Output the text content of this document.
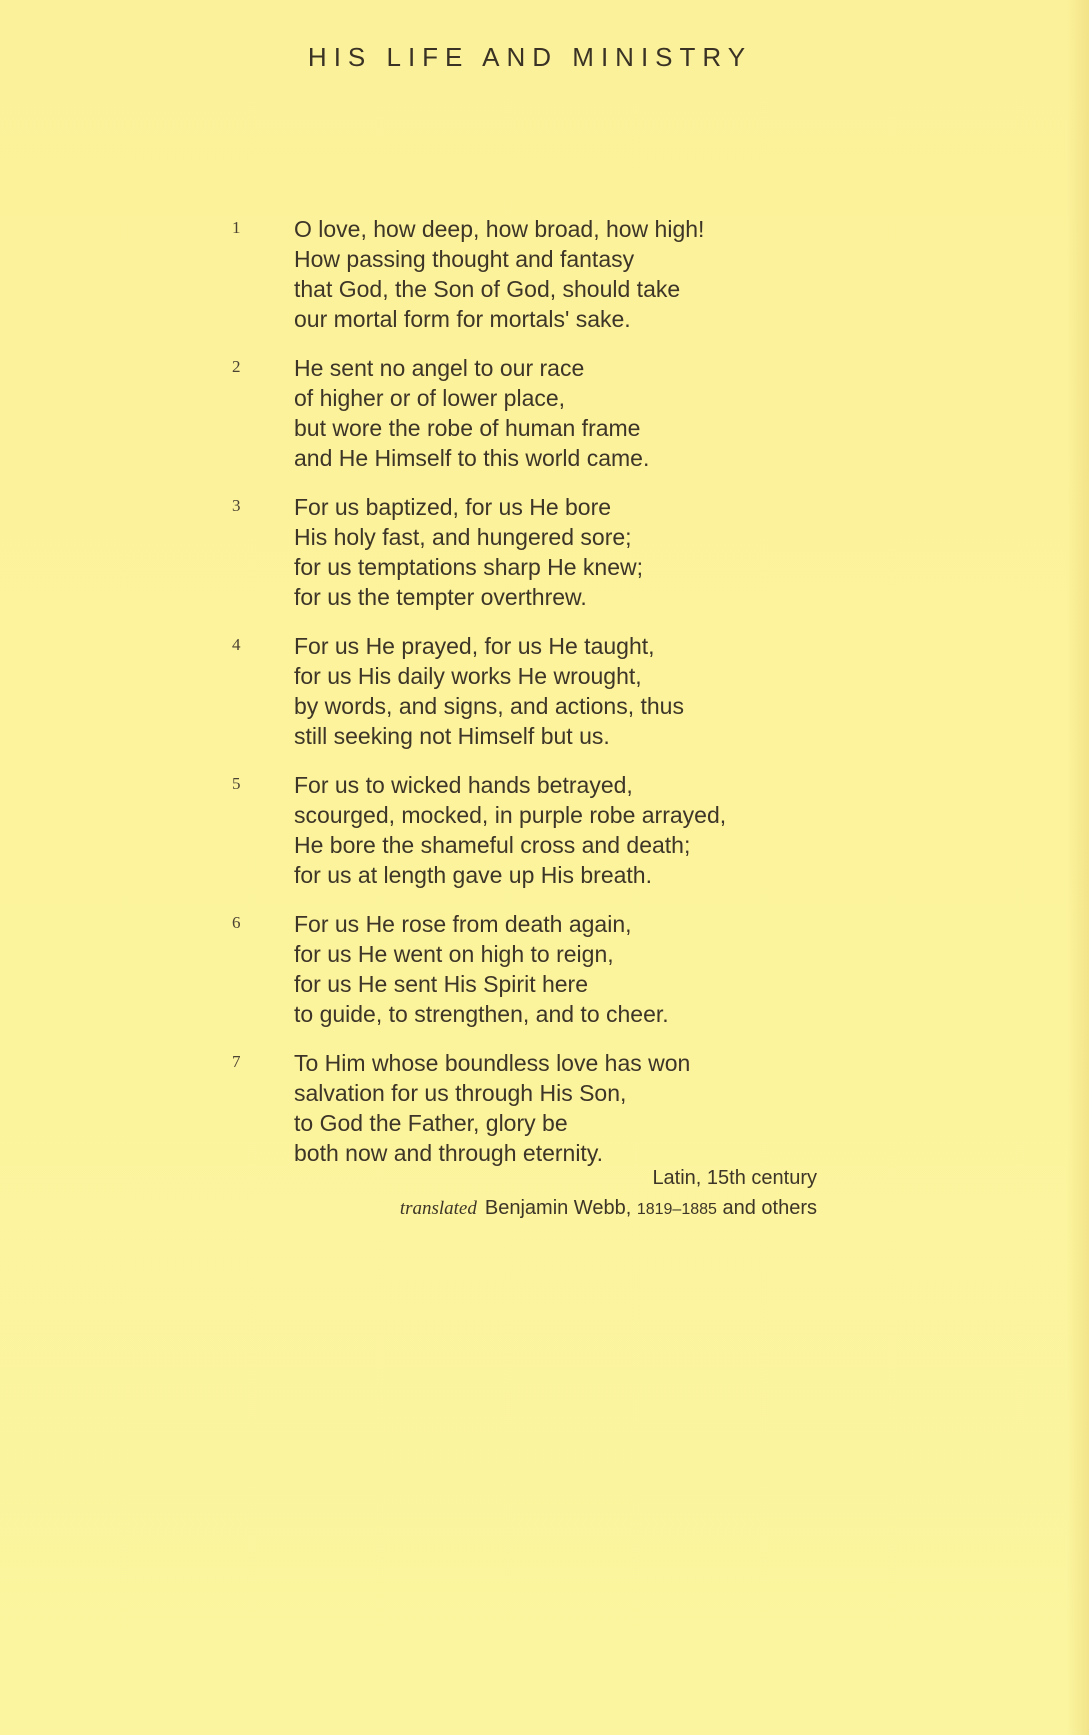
HIS LIFE AND MINISTRY
1	O love, how deep, how broad, how high!
How passing thought and fantasy
that God, the Son of God, should take
our mortal form for mortals' sake.
2	He sent no angel to our race
of higher or of lower place,
but wore the robe of human frame
and He Himself to this world came.
3	For us baptized, for us He bore
His holy fast, and hungered sore;
for us temptations sharp He knew;
for us the tempter overthrew.
4	For us He prayed, for us He taught,
for us His daily works He wrought,
by words, and signs, and actions, thus
still seeking not Himself but us.
5	For us to wicked hands betrayed,
scourged, mocked, in purple robe arrayed,
He bore the shameful cross and death;
for us at length gave up His breath.
6	For us He rose from death again,
for us He went on high to reign,
for us He sent His Spirit here
to guide, to strengthen, and to cheer.
7	To Him whose boundless love has won
salvation for us through His Son,
to God the Father, glory be
both now and through eternity.
Latin, 15th century
translated Benjamin Webb, 1819–1885 and others
